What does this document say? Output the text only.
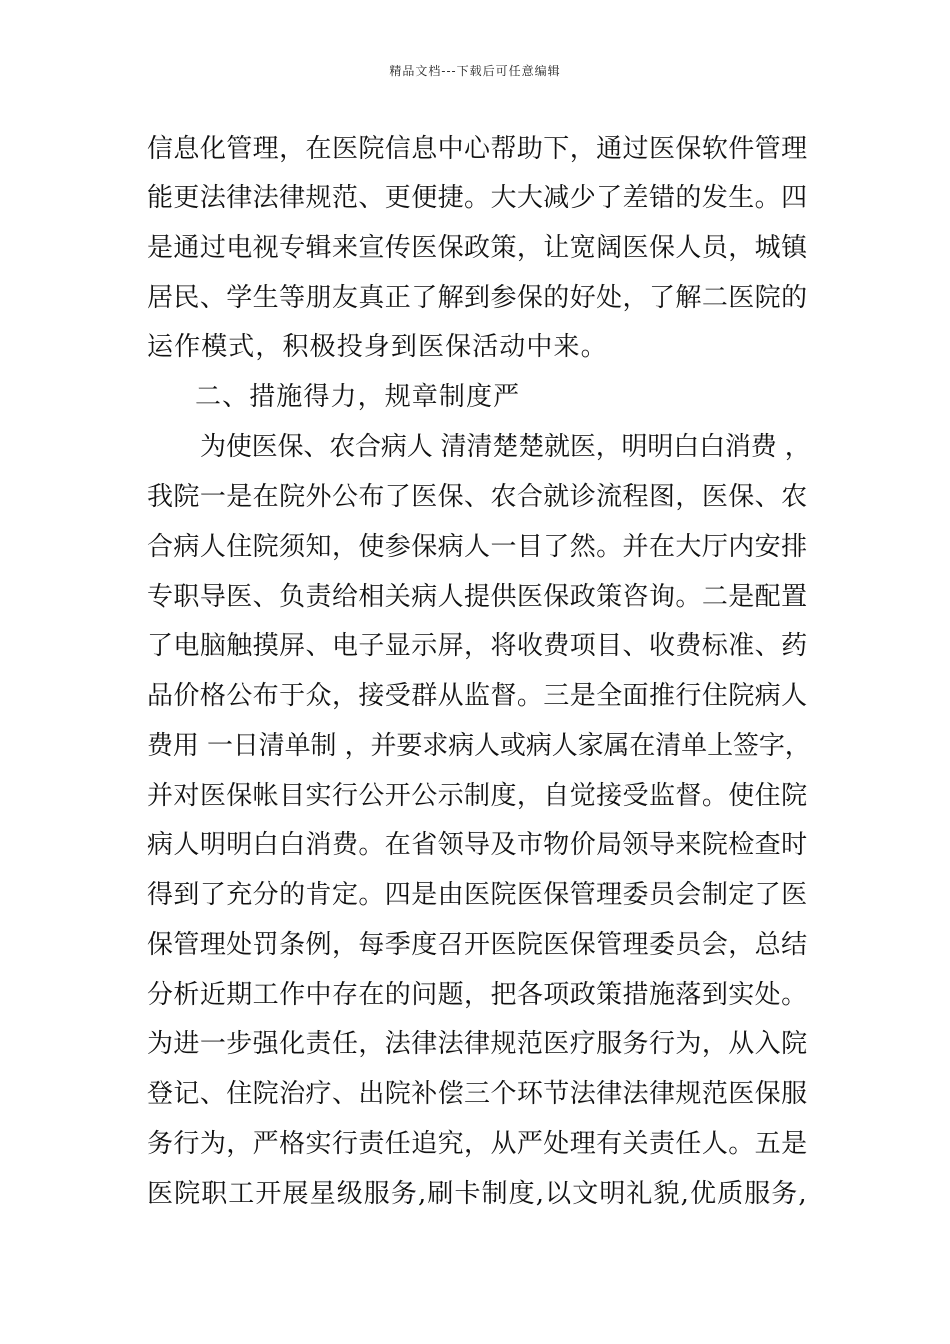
精品文档---下载后可任意编辑
信息化管理，在医院信息中心帮助下，通过医保软件管理
能更法律法律规范、更便捷。大大减少了差错的发生。四
是通过电视专辑来宣传医保政策，让宽阔医保人员，城镇
居民、学生等朋友真正了解到参保的好处，了解二医院的
运作模式，积极投身到医保活动中来。
二、措施得力，规章制度严
为使医保、农合病人 清清楚楚就医，明明白白消费 ，
我院一是在院外公布了医保、农合就诊流程图，医保、农
合病人住院须知，使参保病人一目了然。并在大厅内安排
专职导医、负责给相关病人提供医保政策咨询。二是配置
了电脑触摸屏、电子显示屏，将收费项目、收费标准、药
品价格公布于众，接受群从监督。三是全面推行住院病人
费用 一日清单制 ，并要求病人或病人家属在清单上签字，
并对医保帐目实行公开公示制度，自觉接受监督。使住院
病人明明白白消费。在省领导及市物价局领导来院检查时
得到了充分的肯定。四是由医院医保管理委员会制定了医
保管理处罚条例，每季度召开医院医保管理委员会，总结
分析近期工作中存在的问题，把各项政策措施落到实处。
为进一步强化责任，法律法律规范医疗服务行为，从入院
登记、住院治疗、出院补偿三个环节法律法律规范医保服
务行为，严格实行责任追究，从严处理有关责任人。五是
医院职工开展星级服务,刷卡制度,以文明礼貌,优质服务,
